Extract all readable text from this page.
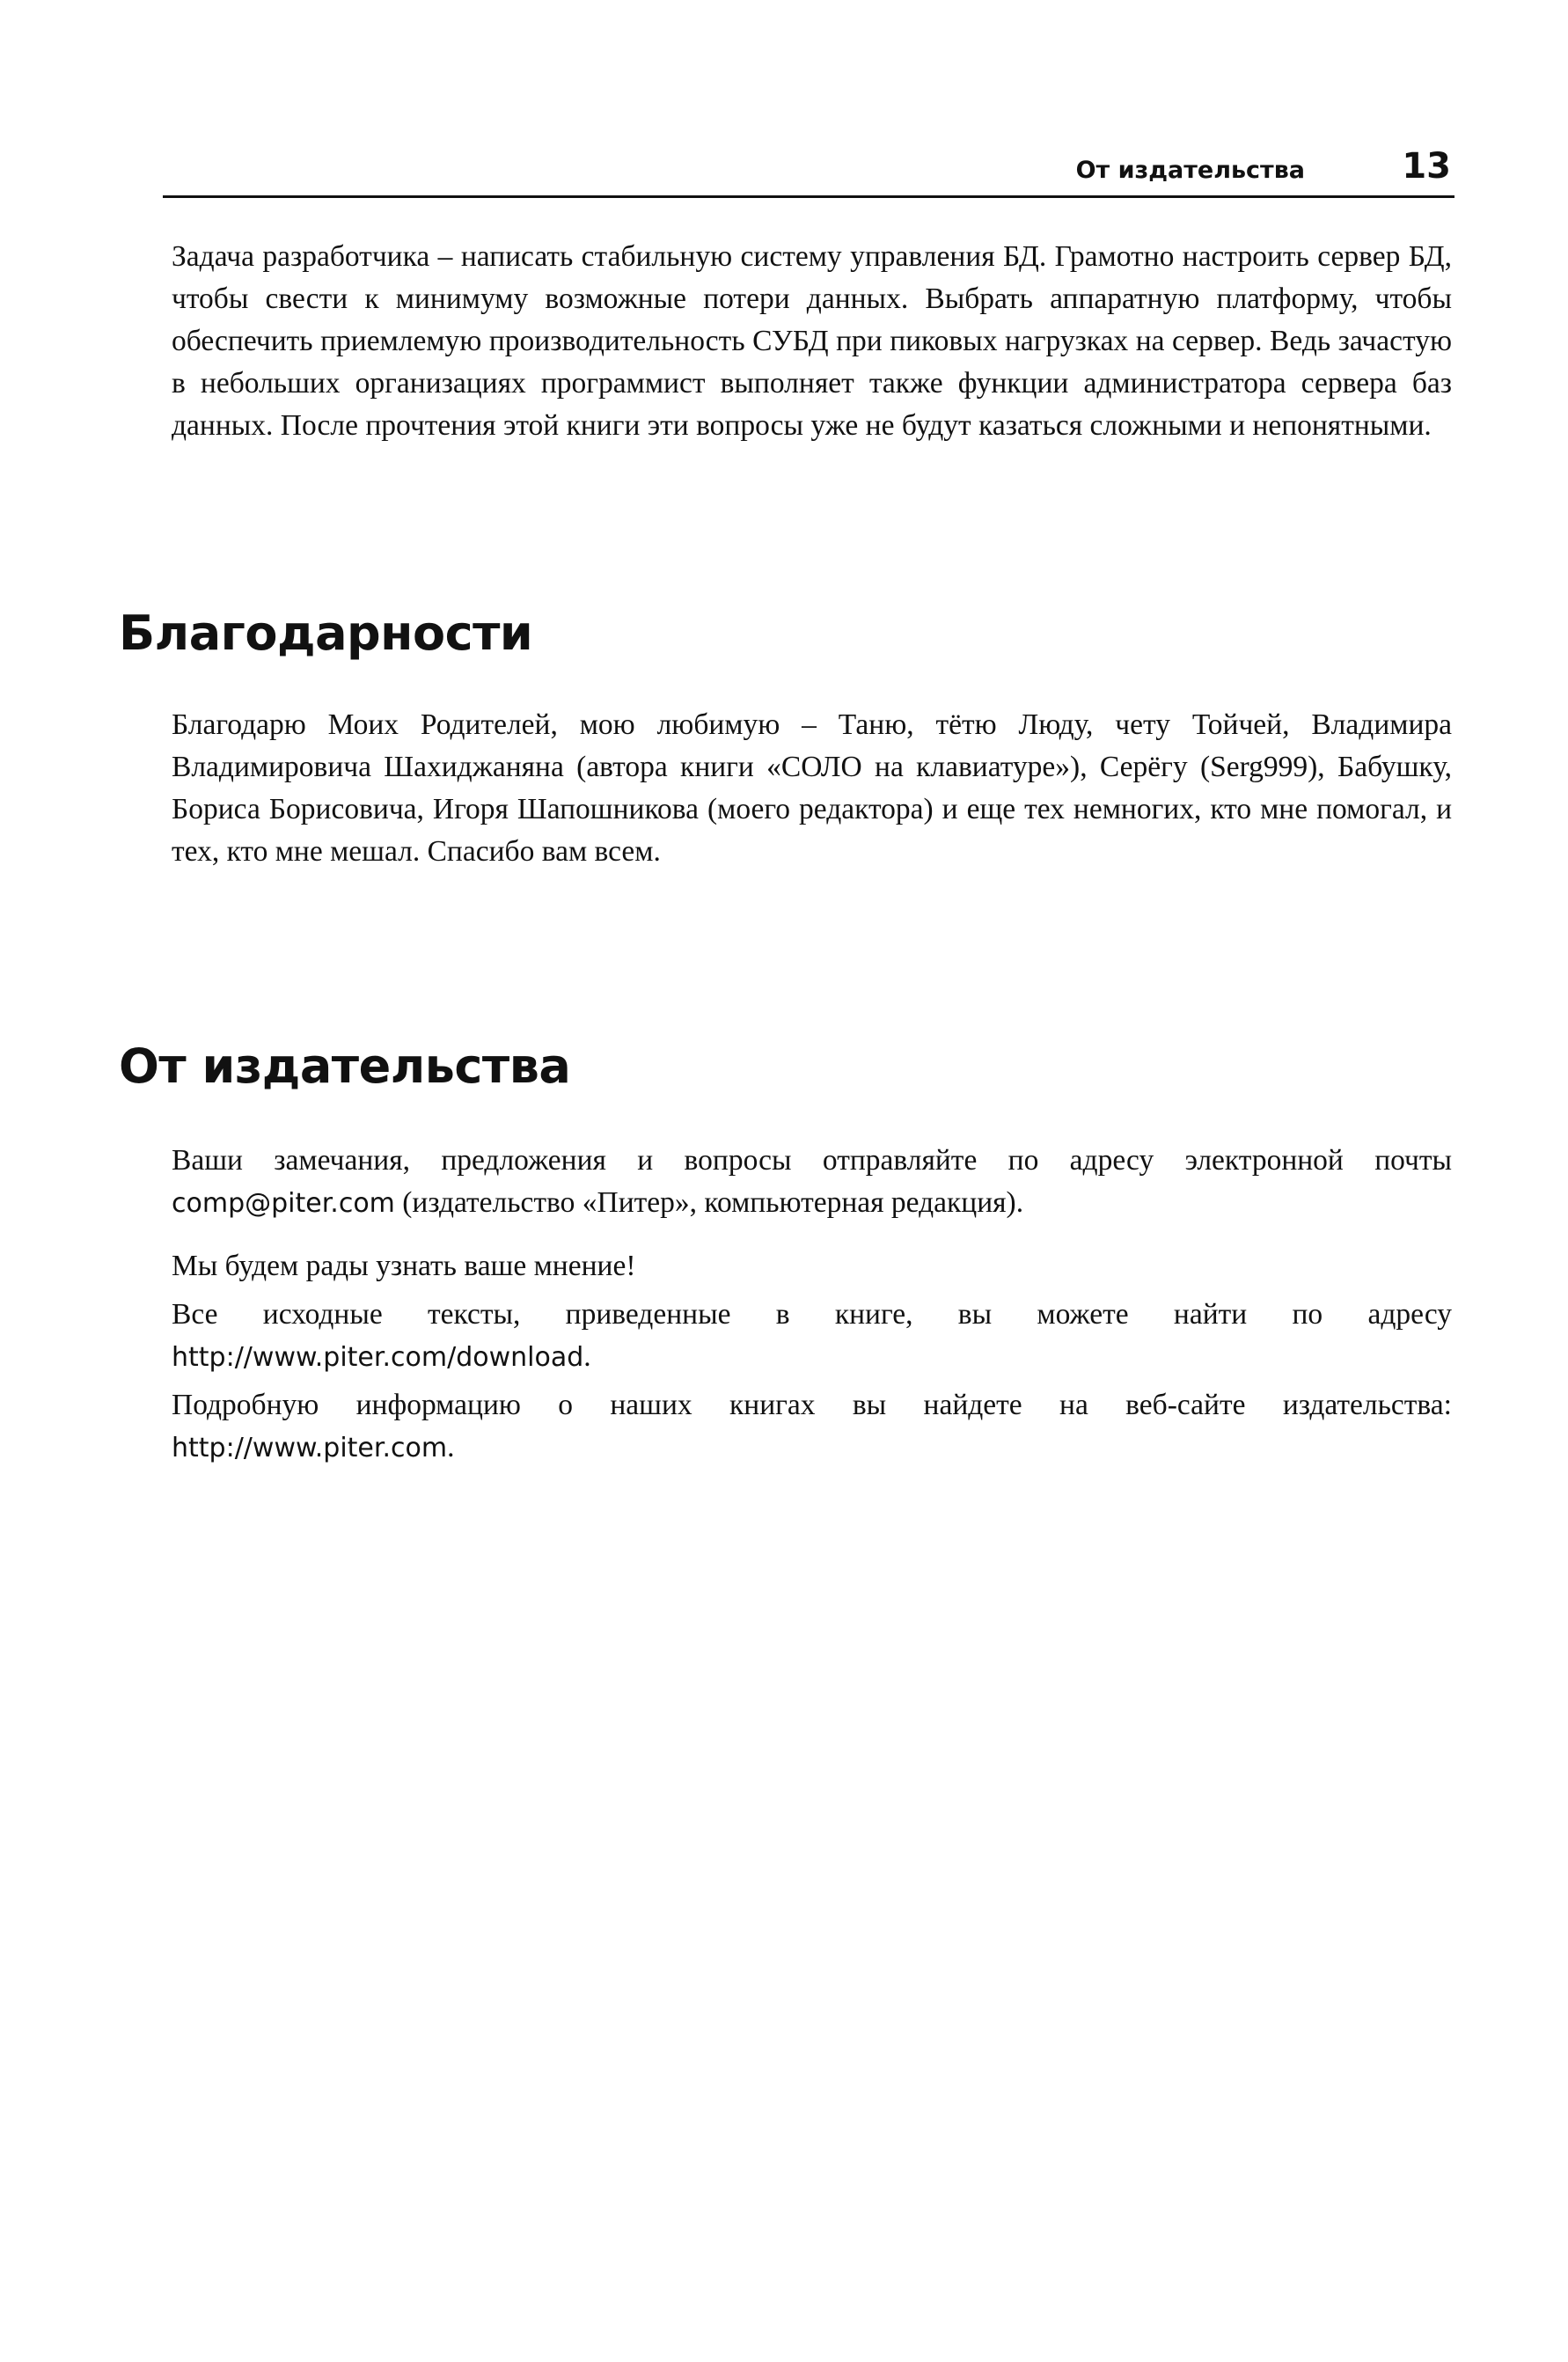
От издательства	13

Задача разработчика – написать стабильную систему управления БД. Грамотно настроить сервер БД, чтобы свести к минимуму возможные потери данных. Выбрать аппаратную платформу, чтобы обеспечить приемлемую производительность СУБД при пиковых нагрузках на сервер. Ведь зачастую в небольших организациях программист выполняет также функции администратора сервера баз данных. После прочтения этой книги эти вопросы уже не будут казаться сложными и непонятными.

Благодарности

Благодарю Моих Родителей, мою любимую – Таню, тётю Люду, чету Тойчей, Владимира Владимировича Шахиджаняна (автора книги «СОЛО на клавиатуре»), Серёгу (Serg999), Бабушку, Бориса Борисовича, Игоря Шапошникова (моего редактора) и еще тех немногих, кто мне помогал, и тех, кто мне мешал. Спасибо вам всем.

От издательства

Ваши замечания, предложения и вопросы отправляйте по адресу электронной почты comp@piter.com (издательство «Питер», компьютерная редакция).

Мы будем рады узнать ваше мнение!

Все исходные тексты, приведенные в книге, вы можете найти по адресу http://www.piter.com/download.

Подробную информацию о наших книгах вы найдете на веб-сайте издательства: http://www.piter.com.
